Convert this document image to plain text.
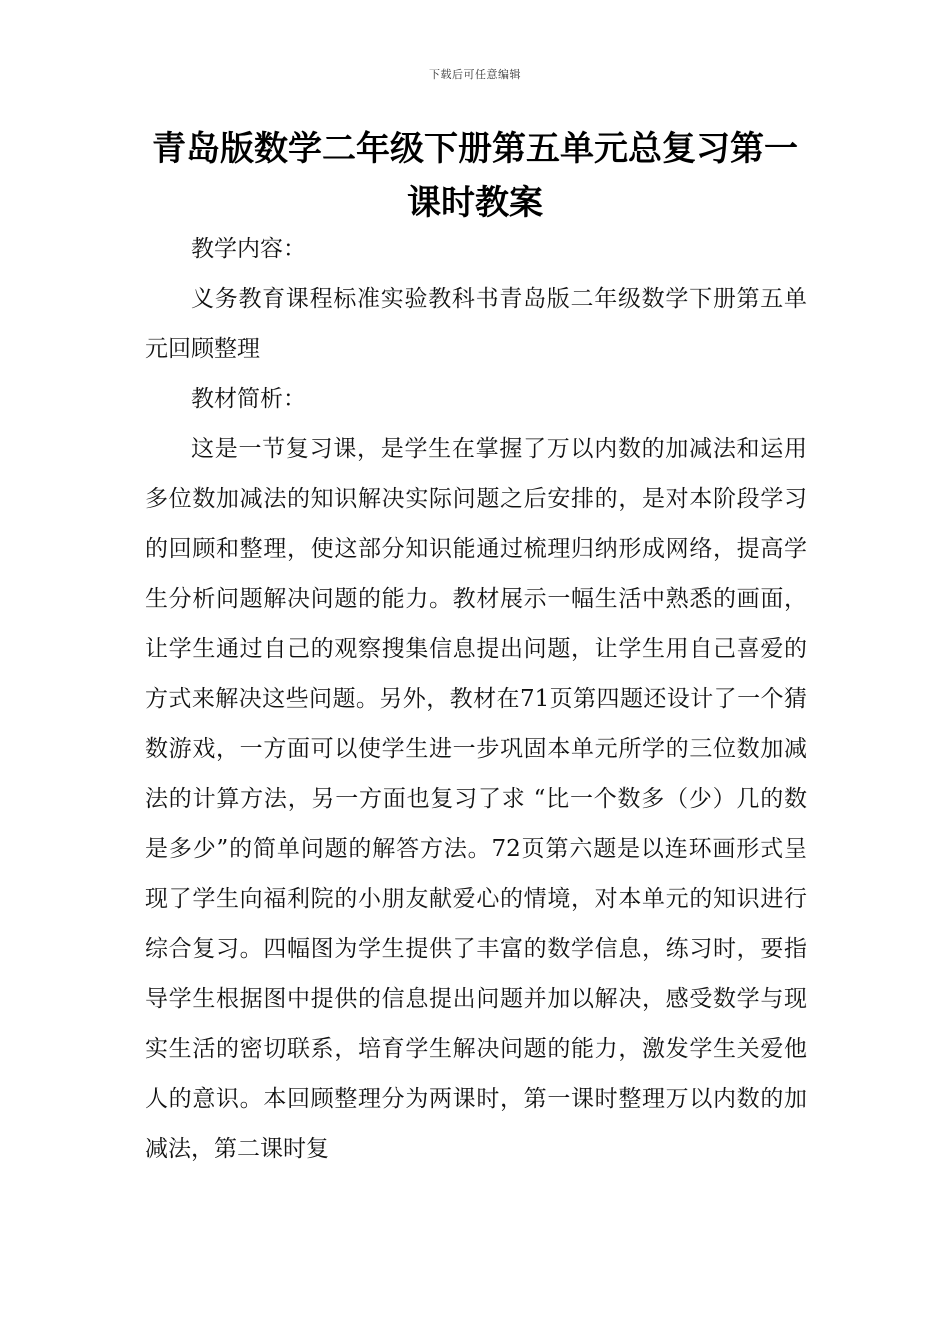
下载后可任意编辑
青岛版数学二年级下册第五单元总复习第一课时教案

教学内容：

义务教育课程标准实验教科书青岛版二年级数学下册第五单元回顾整理

教材简析：

这是一节复习课，是学生在掌握了万以内数的加减法和运用多位数加减法的知识解决实际问题之后安排的，是对本阶段学习的回顾和整理，使这部分知识能通过梳理归纳形成网络，提高学生分析问题解决问题的能力。教材展示一幅生活中熟悉的画面，让学生通过自己的观察搜集信息提出问题，让学生用自己喜爱的方式来解决这些问题。另外，教材在71页第四题还设计了一个猜数游戏，一方面可以使学生进一步巩固本单元所学的三位数加减法的计算方法，另一方面也复习了求 “比一个数多（少）几的数是多少”的简单问题的解答方法。72页第六题是以连环画形式呈现了学生向福利院的小朋友献爱心的情境，对本单元的知识进行综合复习。四幅图为学生提供了丰富的数学信息，练习时，要指导学生根据图中提供的信息提出问题并加以解决，感受数学与现实生活的密切联系，培育学生解决问题的能力，激发学生关爱他人的意识。本回顾整理分为两课时，第一课时整理万以内数的加减法，第二课时复
